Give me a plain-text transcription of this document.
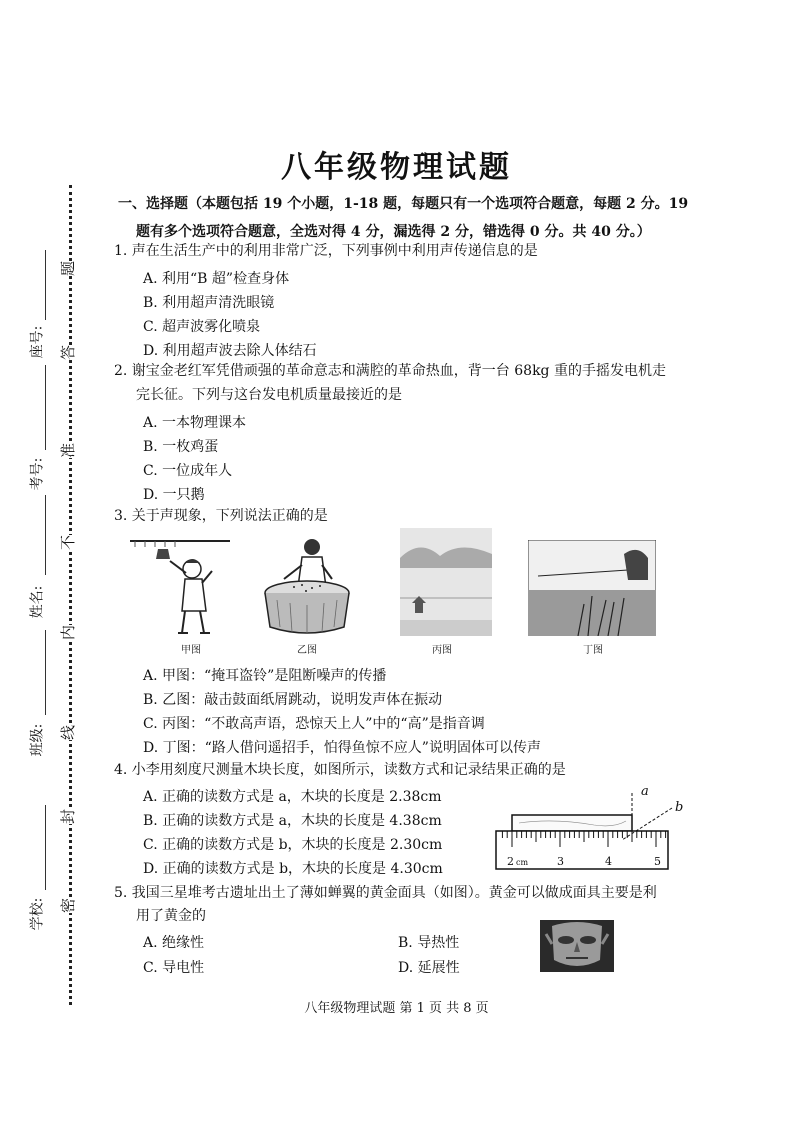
学校:
班级:
姓名:
考号:
座号:
密
封
线
内
不
准
答
题
八年级物理试题
一、选择题（本题包括 19 个小题，1-18 题，每题只有一个选项符合题意，每题 2 分。19
题有多个选项符合题意，全选对得 4 分，漏选得 2 分，错选得 0 分。共 40 分。）
1. 声在生活生产中的利用非常广泛，下列事例中利用声传递信息的是
A. 利用“B 超”检查身体
B. 利用超声清洗眼镜
C. 超声波雾化喷泉
D. 利用超声波去除人体结石
2. 谢宝金老红军凭借顽强的革命意志和满腔的革命热血，背一台 68kg 重的手摇发电机走
完长征。下列与这台发电机质量最接近的是
A. 一本物理课本
B. 一枚鸡蛋
C. 一位成年人
D. 一只鹅
3. 关于声现象，下列说法正确的是
甲图	乙图	丙图	丁图
A. 甲图：“掩耳盗铃”是阻断噪声的传播
B. 乙图：敲击鼓面纸屑跳动，说明发声体在振动
C. 丙图：“不敢高声语，恐惊天上人”中的“高”是指音调
D. 丁图：“路人借问遥招手，怕得鱼惊不应人”说明固体可以传声
4. 小李用刻度尺测量木块长度，如图所示，读数方式和记录结果正确的是
A. 正确的读数方式是 a，木块的长度是 2.38cm
B. 正确的读数方式是 a，木块的长度是 4.38cm
C. 正确的读数方式是 b，木块的长度是 2.30cm
D. 正确的读数方式是 b，木块的长度是 4.30cm
a
b
2 cm	3	4	5
5. 我国三星堆考古遗址出土了薄如蝉翼的黄金面具（如图）。黄金可以做成面具主要是利
用了黄金的
A. 绝缘性	B. 导热性
C. 导电性	D. 延展性
八年级物理试题 第 1 页 共 8 页
